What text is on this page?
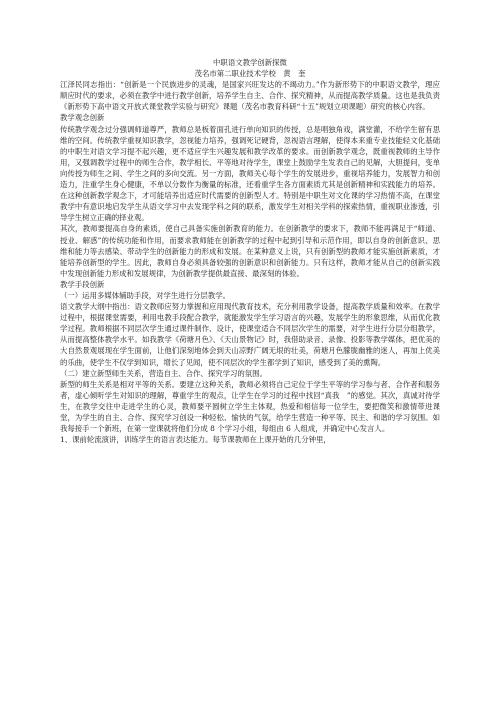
中职语文教学创新探微

茂名市第二职业技术学校　黄　奎

江泽民同志指出：“创新是一个民族进步的灵魂，是国家兴旺发达的不竭动力。”作为新形势下的中职语文教学，理应顺应时代的要求，必须在教学中进行教学创新，培养学生自主、合作、探究精神，从而提高教学质量。这也是我负责《新形势下高中语文开放式课堂教学实验与研究》课题（茂名市教育科研“十五”规划立项课题）研究的核心内容。

教学观念创新

传统教学观念过分强调师道尊严，教师总是板着面孔进行单向知识的传授，总是唱独角戏，满堂灌，不给学生留有思维的空间。传统教学重视知识教学，忽视能力培养，强调死记硬背，忽视语言理解，使得本来重专业技能轻文化基础的中职生对语文学习提不起兴趣，更不适应学生兴趣发展和教学改革的要求。而创新教学观念，既重视教师的主导作用，又强调教学过程中的师生合作，教学相长、平等地对待学生，课堂上鼓励学生发表自己的见解，大胆提问，变单向传授为师生之间、学生之间的多向交流。另一方面，教师关心每个学生的发展进步，重视培养能力，发展智力和创造力，注重学生身心健康，不单以分数作为衡量的标准，还看重学生各方面素质尤其是创新精神和实践能力的培养。在这种创新教学观念下，才可能培养出适应时代需要的创新型人才。特别是中职生对文化课的学习热情不高，在课堂教学中有意识地启发学生从语文学习中去发现学科之间的联系，激发学生对相关学科的探索热情，重视职业渗透，引导学生树立正确的择业观。

其次，教师要提高自身的素质，使自己具备实施创新教育的能力。在创新教学的要求下，教师不能再满足于“师道、授业、解惑”的传统功能和作用，而要求教师能在创新教学的过程中起到引导和示范作用，即以自身的创新意识、思维和能力等去感染、带动学生的创新能力的形成和发展。在某种意义上说，只有创新型的教师才能实施创新素质，才能培养创新型的学生。因此，教师自身必须具备较强的创新意识和创新能力。只有这样，教师才能从自己的创新实践中发现创新能力形成和发展规律，为创新教学提供最直接、最深刻的体验。

教学手段创新

（一）运用多媒体辅助手段，对学生进行分层教学。

语文教学大纲中指出：语文教师应努力掌握和应用现代教育技术，充分利用教学设备，提高教学质量和效率。在教学过程中，根据课堂需要，利用电教手段配合教学，就能激发学生学习语言的兴趣，发展学生的形象思维，从而优化教学过程。教师根据不同层次学生通过课件制作、设计，使课堂适合不同层次学生的需要，对学生进行分层分组教学，从而提高整体教学水平。如我教学《荷塘月色》、《天山景物记》时，我借助录音、录像、投影等教学媒体，把优美的大自然景观展现在学生面前，让他们深刻地体会到天山凉野广阔无垠的壮美，荷塘月色朦胧幽雅的迷人，再加上优美的乐曲，使学生不仅学到知识，增长了见闻，使不同层次的学生都学到了知识，感受到了美的熏陶。

（二）建立新型师生关系，营造自主、合作、探究学习的氛围。

新型的师生关系是相对平等的关系。要建立这种关系，教师必须将自己定位于学生平等的学习参与者、合作者和服务者，虚心倾听学生对知识的理解，尊重学生的观点，让学生在学习的过程中找回“真我　”的感觉。其次，真诚对待学生，在教学交往中走进学生的心灵，教师要平圆树立学生主体观，热爱和相信每一位学生，要把微笑和激情带进课堂，为学生的自主、合作、探究学习创设一种轻松、愉快的气氛，给学生营造一种平等、民主、和谐的学习氛围。如我每接手一个新班，在第一堂课就将他们分成 8 个学习小组，每组由 6 人组成，并确定中心发言人。

1、课前轮流演讲，训练学生的语言表达能力。每节课教师在上课开始的几分钟里，
